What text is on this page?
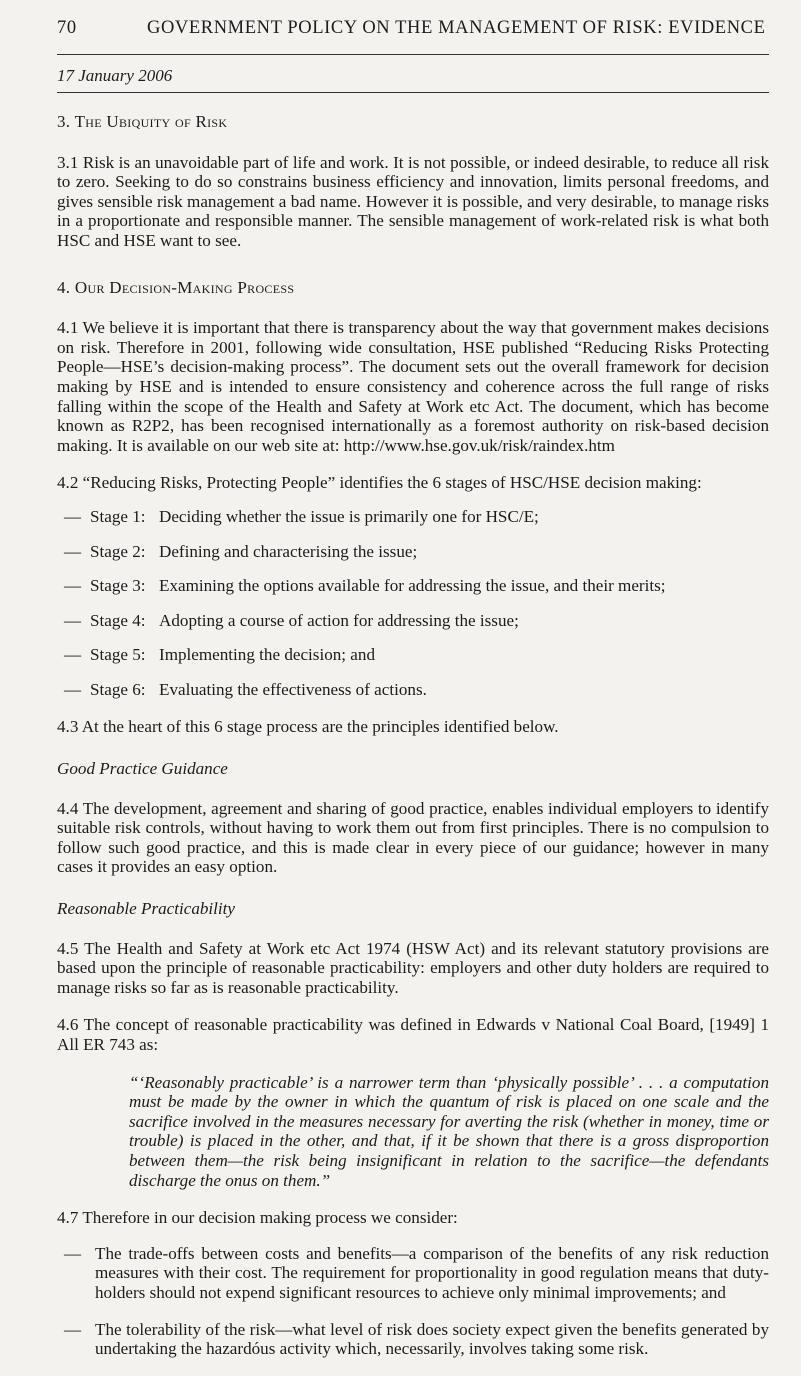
70	GOVERNMENT POLICY ON THE MANAGEMENT OF RISK: EVIDENCE
17 January 2006
3. The Ubiquity of Risk

3.1 Risk is an unavoidable part of life and work. It is not possible, or indeed desirable, to reduce all risk to zero. Seeking to do so constrains business efficiency and innovation, limits personal freedoms, and gives sensible risk management a bad name. However it is possible, and very desirable, to manage risks in a proportionate and responsible manner. The sensible management of work-related risk is what both HSC and HSE want to see.

4. Our Decision-Making Process

4.1 We believe it is important that there is transparency about the way that government makes decisions on risk. Therefore in 2001, following wide consultation, HSE published “Reducing Risks Protecting People—HSE’s decision-making process”. The document sets out the overall framework for decision making by HSE and is intended to ensure consistency and coherence across the full range of risks falling within the scope of the Health and Safety at Work etc Act. The document, which has become known as R2P2, has been recognised internationally as a foremost authority on risk-based decision making. It is available on our web site at: http://www.hse.gov.uk/risk/raindex.htm

4.2 “Reducing Risks, Protecting People” identifies the 6 stages of HSC/HSE decision making:

— Stage 1: Deciding whether the issue is primarily one for HSC/E;
— Stage 2: Defining and characterising the issue;
— Stage 3: Examining the options available for addressing the issue, and their merits;
— Stage 4: Adopting a course of action for addressing the issue;
— Stage 5: Implementing the decision; and
— Stage 6: Evaluating the effectiveness of actions.

4.3 At the heart of this 6 stage process are the principles identified below.

Good Practice Guidance

4.4 The development, agreement and sharing of good practice, enables individual employers to identify suitable risk controls, without having to work them out from first principles. There is no compulsion to follow such good practice, and this is made clear in every piece of our guidance; however in many cases it provides an easy option.

Reasonable Practicability

4.5 The Health and Safety at Work etc Act 1974 (HSW Act) and its relevant statutory provisions are based upon the principle of reasonable practicability: employers and other duty holders are required to manage risks so far as is reasonable practicability.

4.6 The concept of reasonable practicability was defined in Edwards v National Coal Board, [1949] 1 All ER 743 as:

“‘Reasonably practicable’ is a narrower term than ‘physically possible’ . . . a computation must be made by the owner in which the quantum of risk is placed on one scale and the sacrifice involved in the measures necessary for averting the risk (whether in money, time or trouble) is placed in the other, and that, if it be shown that there is a gross disproportion between them—the risk being insignificant in relation to the sacrifice—the defendants discharge the onus on them.”

4.7 Therefore in our decision making process we consider:

— The trade-offs between costs and benefits—a comparison of the benefits of any risk reduction measures with their cost. The requirement for proportionality in good regulation means that duty-holders should not expend significant resources to achieve only minimal improvements; and
— The tolerability of the risk—what level of risk does society expect given the benefits generated by undertaking the hazardóus activity which, necessarily, involves taking some risk.
